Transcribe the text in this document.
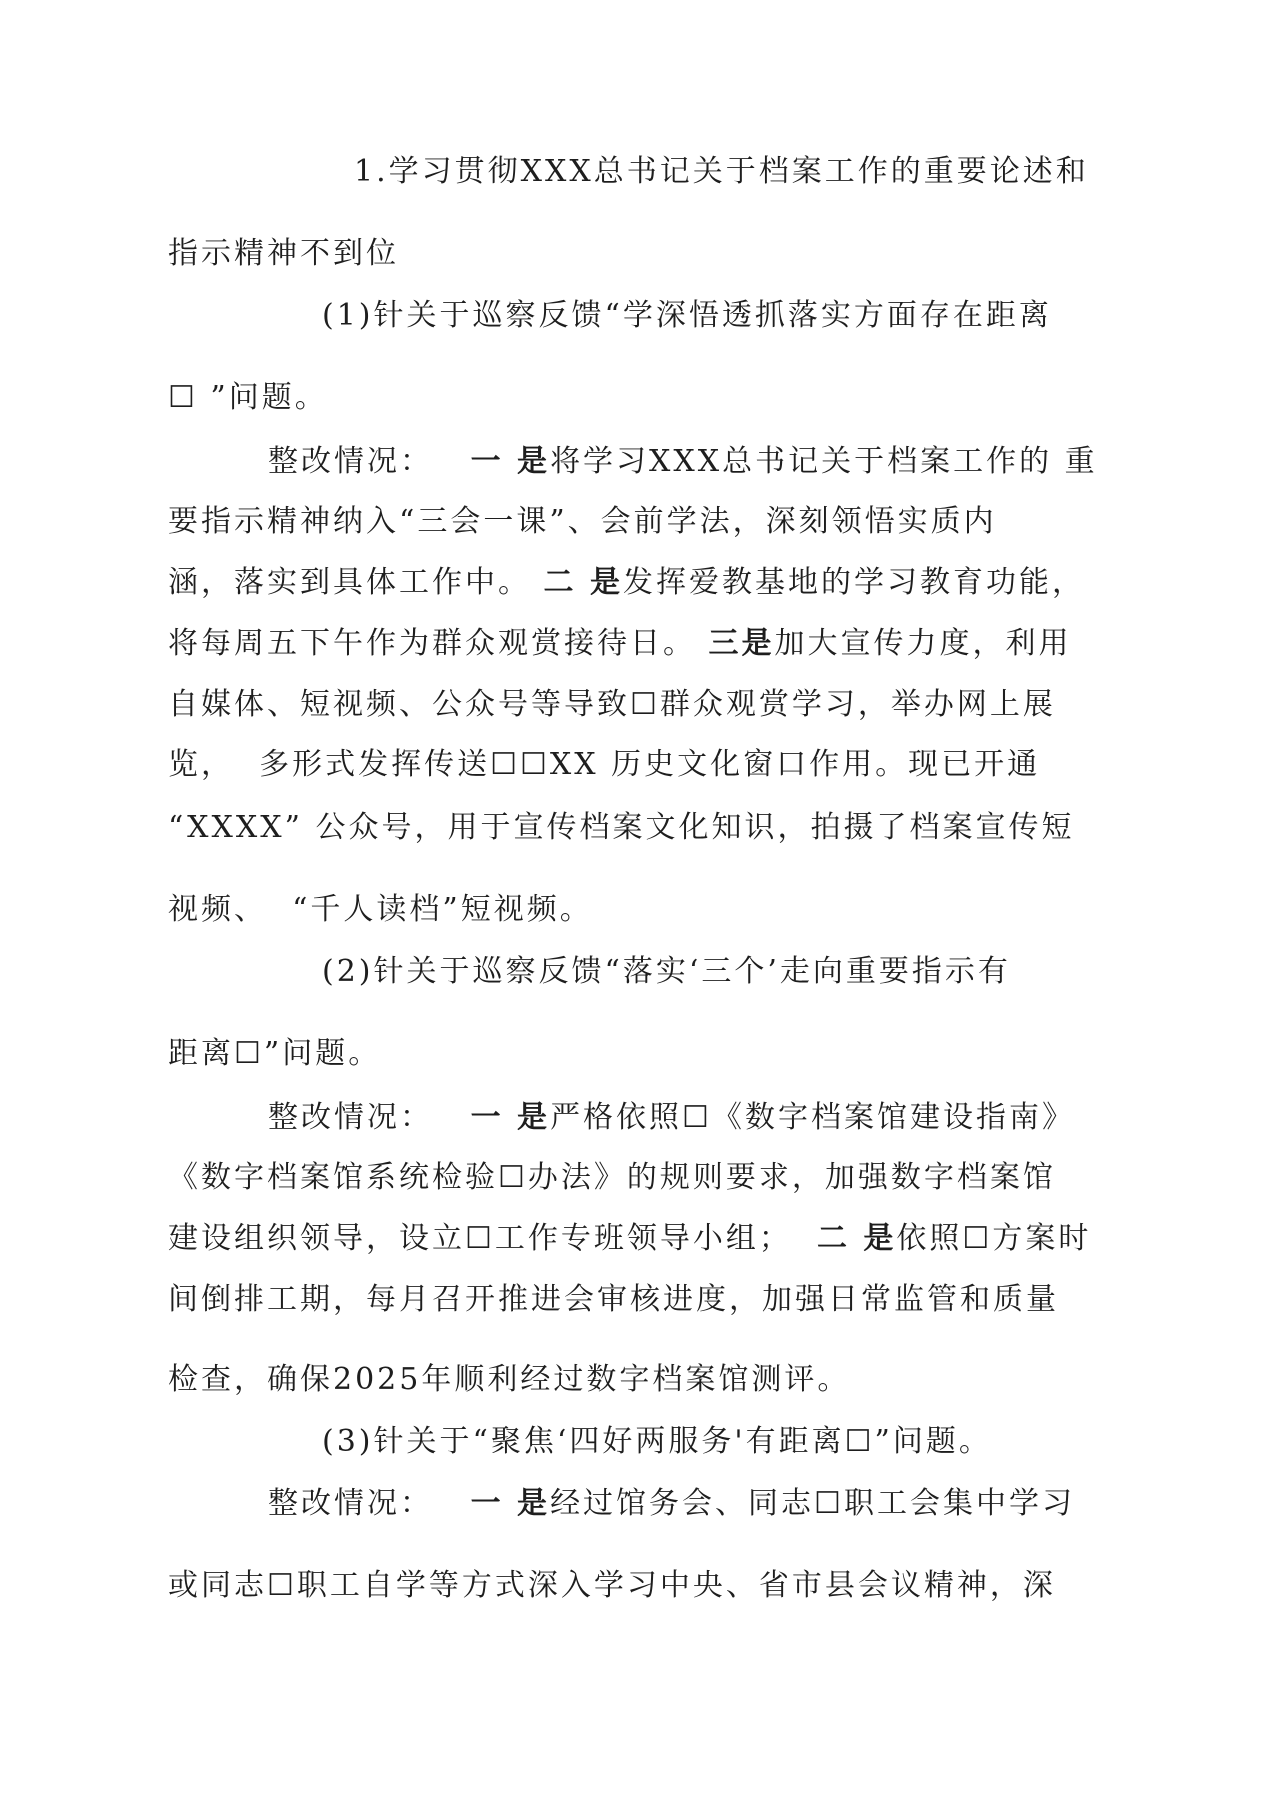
1.学习贯彻XXX总书记关于档案工作的重要论述和
指示精神不到位
(1)针关于巡察反馈“学深悟透抓落实方面存在距离
☐ ”问题。
整改情况： 一 是将学习XXX总书记关于档案工作的 重
要指示精神纳入“三会一课”、会前学法，深刻领悟实质内
涵，落实到具体工作中。 二 是发挥爱教基地的学习教育功能，
将每周五下午作为群众观赏接待日。 三是加大宣传力度，利用
自媒体、短视频、公众号等导致☐群众观赏学习，举办网上展
览，  多形式发挥传送☐☐XX 历史文化窗口作用。现已开通
“XXXX” 公众号，用于宣传档案文化知识，拍摄了档案宣传短
视频、  “千人读档”短视频。
(2)针关于巡察反馈“落实‘三个’走向重要指示有
距离☐”问题。
整改情况： 一 是严格依照☐《数字档案馆建设指南》
《数字档案馆系统检验☐办法》的规则要求，加强数字档案馆
建设组织领导，设立☐工作专班领导小组；  二 是依照☐方案时
间倒排工期，每月召开推进会审核进度，加强日常监管和质量
检查，确保2025年顺利经过数字档案馆测评。
(3)针关于“聚焦‘四好两服务'有距离☐”问题。
整改情况： 一 是经过馆务会、同志☐职工会集中学习
或同志☐职工自学等方式深入学习中央、省市县会议精神，深
